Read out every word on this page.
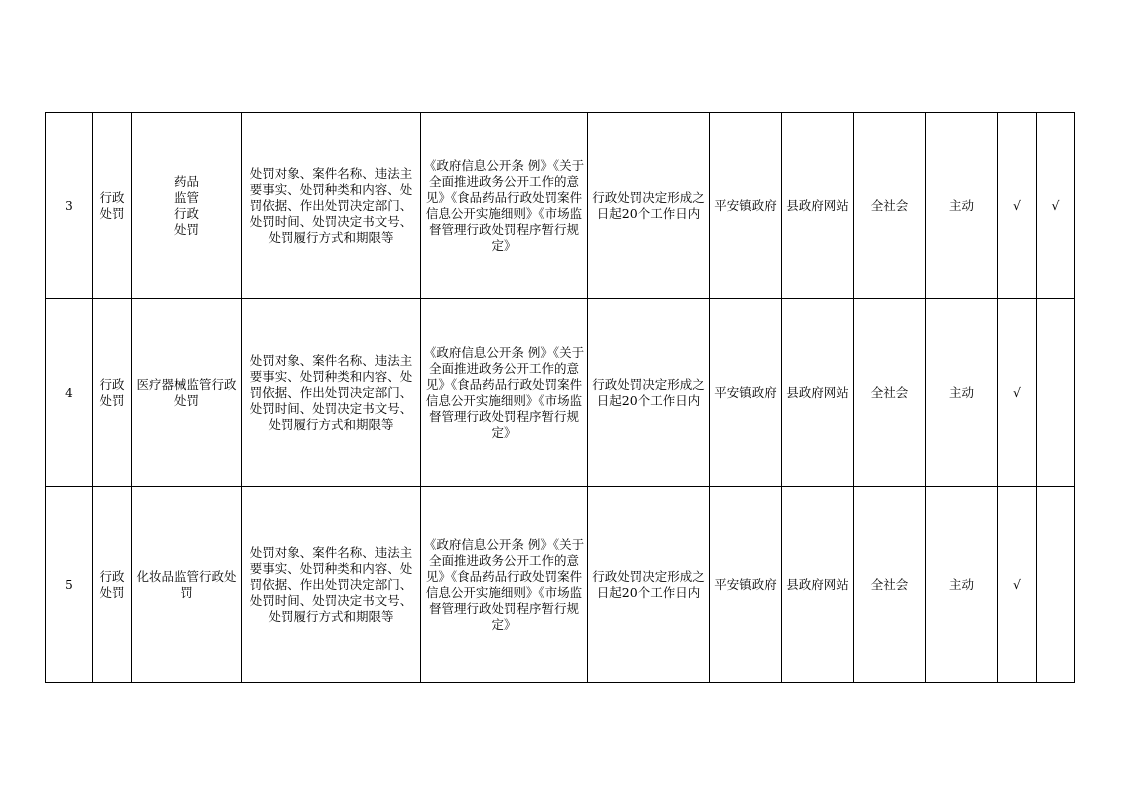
3	行政处罚	药品
监管
行政
处罚	处罚对象、案件名称、违法主要事实、处罚种类和内容、处罚依据、作出处罚决定部门、处罚时间、处罚决定书文号、处罚履行方式和期限等	《政府信息公开条 例》《关于全面推进政务公开工作的意见》《食品药品行政处罚案件信息公开实施细则》《市场监督管理行政处罚程序暂行规定》	行政处罚决定形成之日起20个工作日内	平安镇政府	县政府网站	全社会	主动	√	√
4	行政处罚	医疗器械监管行政处罚	处罚对象、案件名称、违法主要事实、处罚种类和内容、处罚依据、作出处罚决定部门、处罚时间、处罚决定书文号、处罚履行方式和期限等	《政府信息公开条 例》《关于全面推进政务公开工作的意见》《食品药品行政处罚案件信息公开实施细则》《市场监督管理行政处罚程序暂行规定》	行政处罚决定形成之日起20个工作日内	平安镇政府	县政府网站	全社会	主动	√	
5	行政处罚	化妆品监管行政处罚	处罚对象、案件名称、违法主要事实、处罚种类和内容、处罚依据、作出处罚决定部门、处罚时间、处罚决定书文号、处罚履行方式和期限等	《政府信息公开条 例》《关于全面推进政务公开工作的意见》《食品药品行政处罚案件信息公开实施细则》《市场监督管理行政处罚程序暂行规定》	行政处罚决定形成之日起20个工作日内	平安镇政府	县政府网站	全社会	主动	√	
